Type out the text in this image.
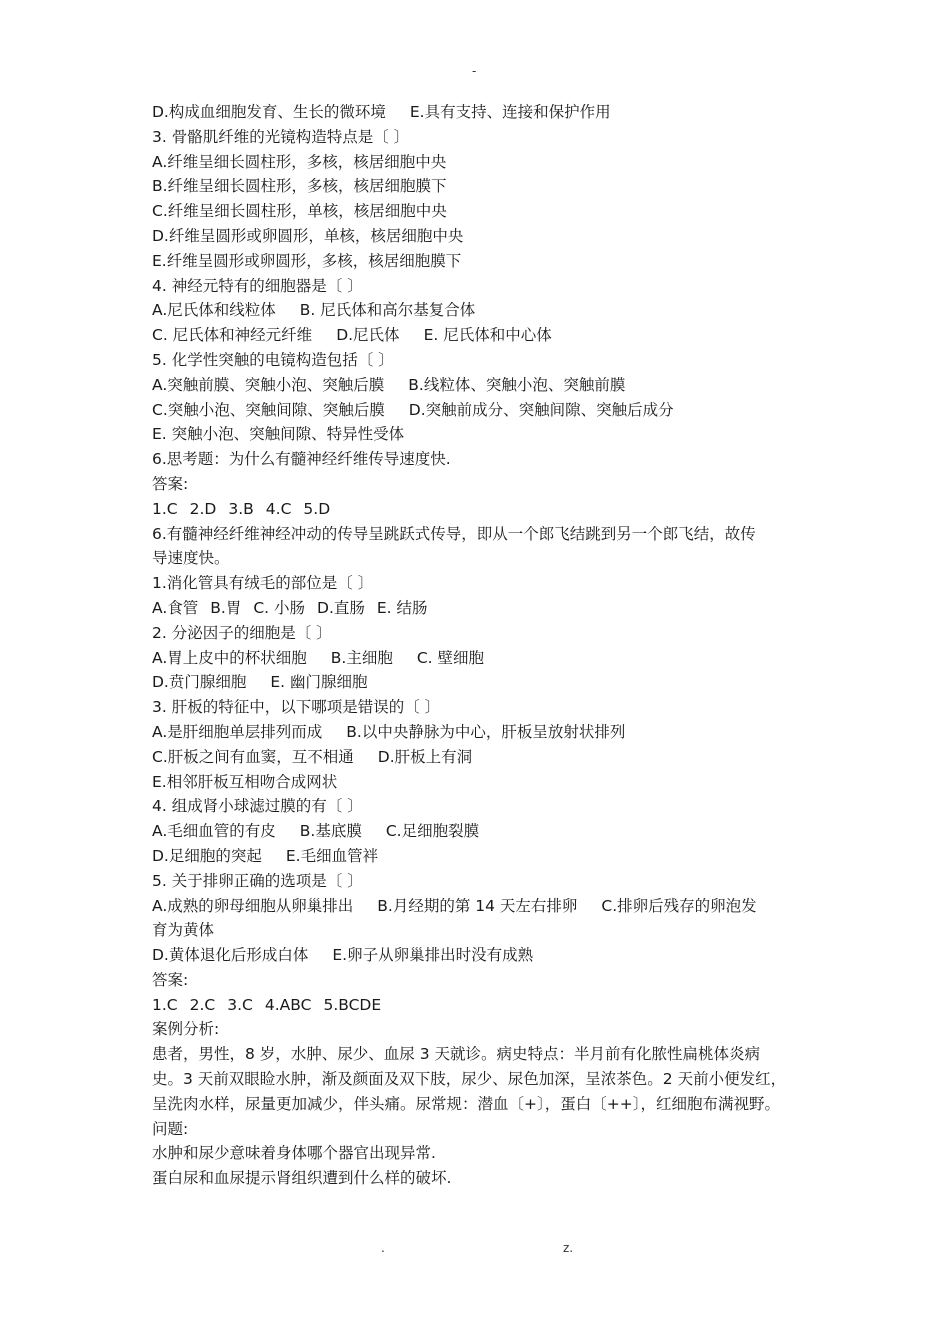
-
D.构成血细胞发育、生长的微环境 E.具有支持、连接和保护作用
3. 骨骼肌纤维的光镜构造特点是〔 〕
A.纤维呈细长圆柱形，多核，核居细胞中央
B.纤维呈细长圆柱形，多核，核居细胞膜下
C.纤维呈细长圆柱形，单核，核居细胞中央
D.纤维呈圆形或卵圆形，单核，核居细胞中央
E.纤维呈圆形或卵圆形，多核，核居细胞膜下
4. 神经元特有的细胞器是〔 〕
A.尼氏体和线粒体 B. 尼氏体和高尔基复合体
C. 尼氏体和神经元纤维 D.尼氏体 E. 尼氏体和中心体
5. 化学性突触的电镜构造包括〔 〕
A.突触前膜、突触小泡、突触后膜 B.线粒体、突触小泡、突触前膜
C.突触小泡、突触间隙、突触后膜 D.突触前成分、突触间隙、突触后成分
E. 突触小泡、突触间隙、特异性受体
6.思考题：为什么有髓神经纤维传导速度快.
答案:
1.C 2.D 3.B 4.C 5.D
6.有髓神经纤维神经冲动的传导呈跳跃式传导，即从一个郎飞结跳到另一个郎飞结，故传
导速度快。
1.消化管具有绒毛的部位是〔 〕
A.食管 B.胃 C. 小肠 D.直肠 E. 结肠
2. 分泌因子的细胞是〔 〕
A.胃上皮中的杯状细胞 B.主细胞 C. 壁细胞
D.贲门腺细胞 E. 幽门腺细胞
3. 肝板的特征中，以下哪项是错误的〔 〕
A.是肝细胞单层排列而成 B.以中央静脉为中心，肝板呈放射状排列
C.肝板之间有血窦，互不相通 D.肝板上有洞
E.相邻肝板互相吻合成网状
4. 组成肾小球滤过膜的有〔 〕
A.毛细血管的有皮 B.基底膜 C.足细胞裂膜
D.足细胞的突起 E.毛细血管袢
5. 关于排卵正确的选项是〔 〕
A.成熟的卵母细胞从卵巢排出 B.月经期的第 14 天左右排卵 C.排卵后残存的卵泡发
育为黄体
D.黄体退化后形成白体 E.卵子从卵巢排出时没有成熟
答案:
1.C 2.C 3.C 4.ABC 5.BCDE
案例分析:
患者，男性，8 岁，水肿、尿少、血尿 3 天就诊。病史特点：半月前有化脓性扁桃体炎病
史。3 天前双眼睑水肿，渐及颜面及双下肢，尿少、尿色加深，呈浓茶色。2 天前小便发红，
呈洗肉水样，尿量更加减少，伴头痛。尿常规：潜血〔+〕，蛋白〔++〕，红细胞布满视野。
问题:
水肿和尿少意味着身体哪个器官出现异常.
蛋白尿和血尿提示肾组织遭到什么样的破坏.
.	z.
